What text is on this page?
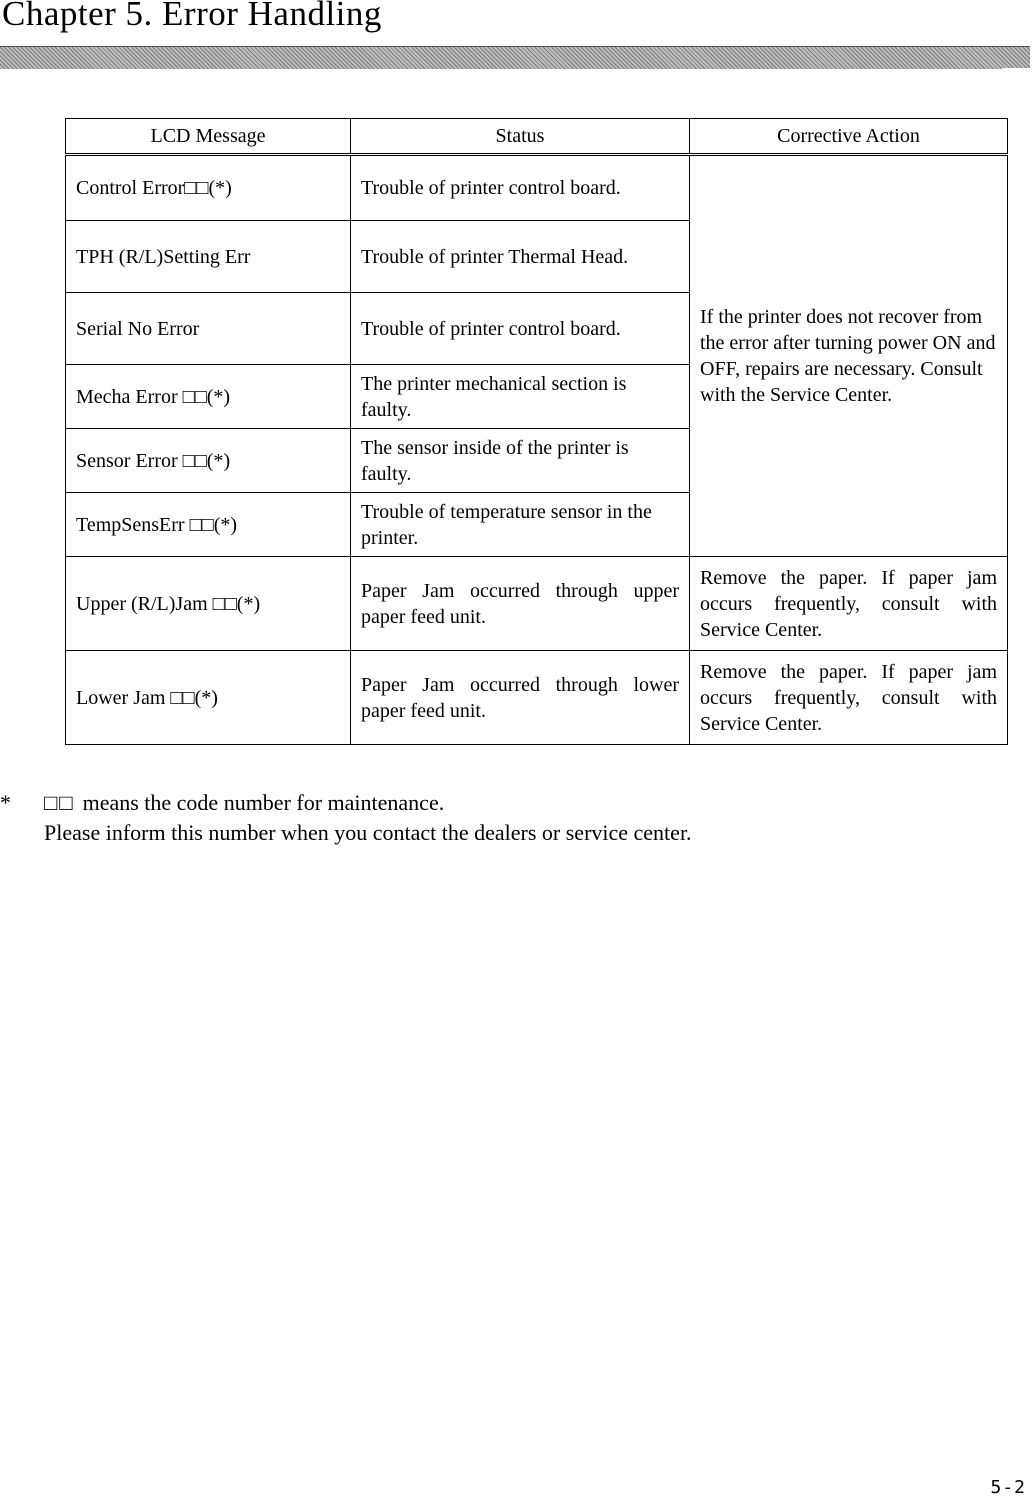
Chapter 5. Error Handling
LCD Message	Status	Corrective Action
Control Error□□(*)	Trouble of printer control board.	If the printer does not recover from the error after turning power ON and OFF, repairs are necessary. Consult with the Service Center.
TPH (R/L)Setting Err	Trouble of printer Thermal Head.	
Serial No Error	Trouble of printer control board.	
Mecha Error □□(*)	The printer mechanical section is faulty.	
Sensor Error □□(*)	The sensor inside of the printer is faulty.	
TempSensErr □□(*)	Trouble of temperature sensor in the printer.	
Upper (R/L)Jam □□(*)	Paper Jam occurred through upper paper feed unit.	Remove the paper. If paper jam occurs frequently, consult with Service Center.
Lower Jam □□(*)	Paper Jam occurred through lower paper feed unit.	Remove the paper. If paper jam occurs frequently, consult with Service Center.
* □□ means the code number for maintenance.
Please inform this number when you contact the dealers or service center.
5-2
